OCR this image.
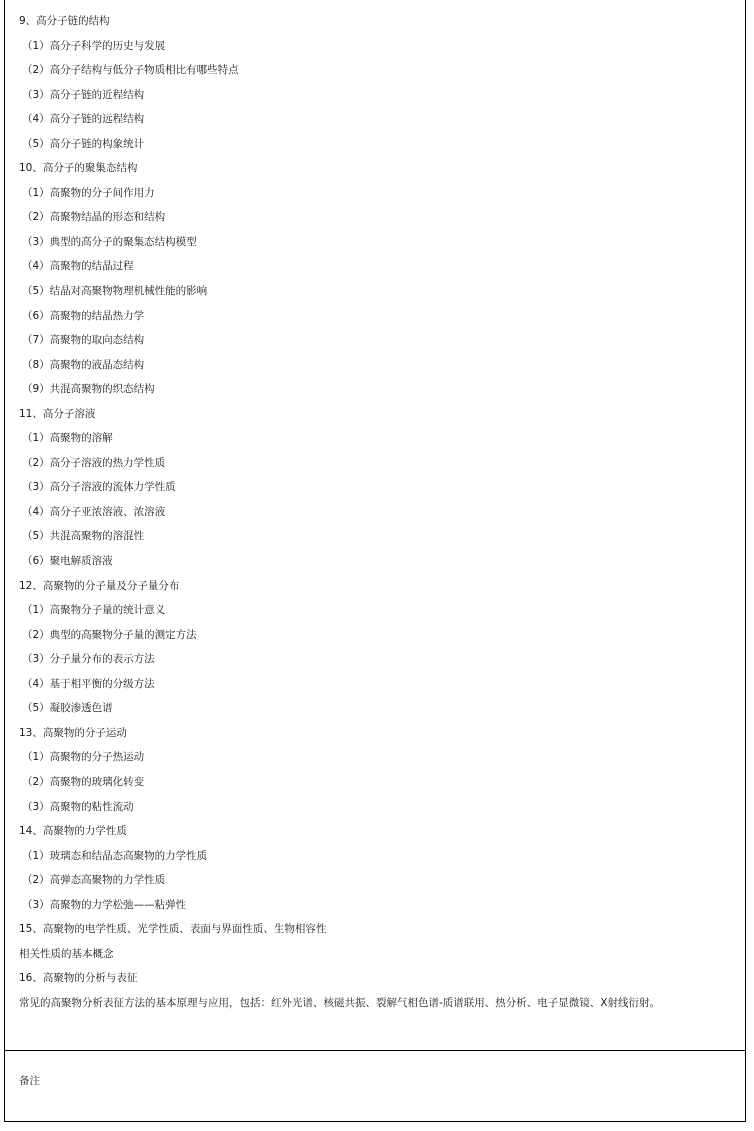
9、高分子链的结构
（1）高分子科学的历史与发展
（2）高分子结构与低分子物质相比有哪些特点
（3）高分子链的近程结构
（4）高分子链的远程结构
（5）高分子链的构象统计
10、高分子的聚集态结构
（1）高聚物的分子间作用力
（2）高聚物结晶的形态和结构
（3）典型的高分子的聚集态结构模型
（4）高聚物的结晶过程
（5）结晶对高聚物物理机械性能的影响
（6）高聚物的结晶热力学
（7）高聚物的取向态结构
（8）高聚物的液晶态结构
（9）共混高聚物的织态结构
11、高分子溶液
（1）高聚物的溶解
（2）高分子溶液的热力学性质
（3）高分子溶液的流体力学性质
（4）高分子亚浓溶液、浓溶液
（5）共混高聚物的溶混性
（6）聚电解质溶液
12、高聚物的分子量及分子量分布
（1）高聚物分子量的统计意义
（2）典型的高聚物分子量的测定方法
（3）分子量分布的表示方法
（4）基于相平衡的分级方法
（5）凝胶渗透色谱
13、高聚物的分子运动
（1）高聚物的分子热运动
（2）高聚物的玻璃化转变
（3）高聚物的粘性流动
14、高聚物的力学性质
（1）玻璃态和结晶态高聚物的力学性质
（2）高弹态高聚物的力学性质
（3）高聚物的力学松弛——粘弹性
15、高聚物的电学性质、光学性质、表面与界面性质、生物相容性
相关性质的基本概念
16、高聚物的分析与表征
常见的高聚物分析表征方法的基本原理与应用，包括：红外光谱、核磁共振、裂解气相色谱-质谱联用、热分析、电子显微镜、X射线衍射。
备注
